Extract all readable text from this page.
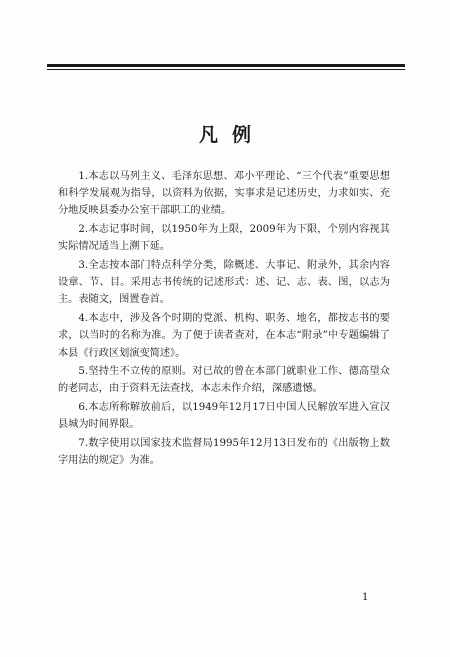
凡例

1.本志以马列主义、毛泽东思想、邓小平理论、“三个代表”重要思想和科学发展观为指导，以资料为依据，实事求是记述历史，力求如实、充分地反映县委办公室干部职工的业绩。

2.本志记事时间，以1950年为上限，2009年为下限，个别内容视其实际情况适当上溯下延。

3.全志按本部门特点科学分类，除概述、大事记、附录外，其余内容设章、节、目。采用志书传统的记述形式：述、记、志、表、图，以志为主。表随文，图置卷首。

4.本志中，涉及各个时期的党派、机构、职务、地名，都按志书的要求，以当时的名称为准。为了便于读者查对，在本志“附录”中专题编辑了本县《行政区划演变简述》。

5.坚持生不立传的原则。对已故的曾在本部门就职业工作、德高望众的老同志，由于资料无法查找，本志未作介绍，深感遗憾。

6.本志所称解放前后，以1949年12月17日中国人民解放军进入宣汉县城为时间界限。

7.数字使用以国家技术监督局1995年12月13日发布的《出版物上数字用法的规定》为准。

1
